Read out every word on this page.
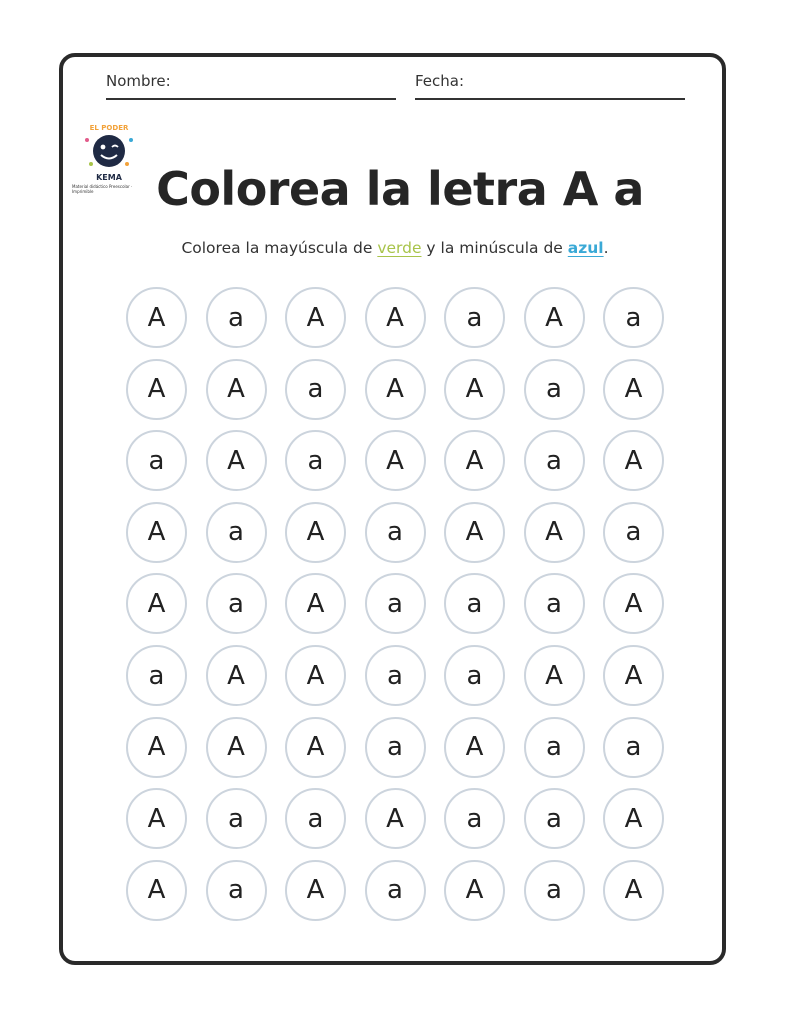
Nombre:	Fecha:
EL PODER
KEMA
Material didáctico Preescolar · Imprimible	Colorea la letra A a
Colorea la mayúscula de verde y la minúscula de azul.
A	a	A	A	a	A	a
A	A	a	A	A	a	A
a	A	a	A	A	a	A
A	a	A	a	A	A	a
A	a	A	a	a	a	A
a	A	A	a	a	A	A
A	A	A	a	A	a	a
A	a	a	A	a	a	A
A	a	A	a	A	a	A
